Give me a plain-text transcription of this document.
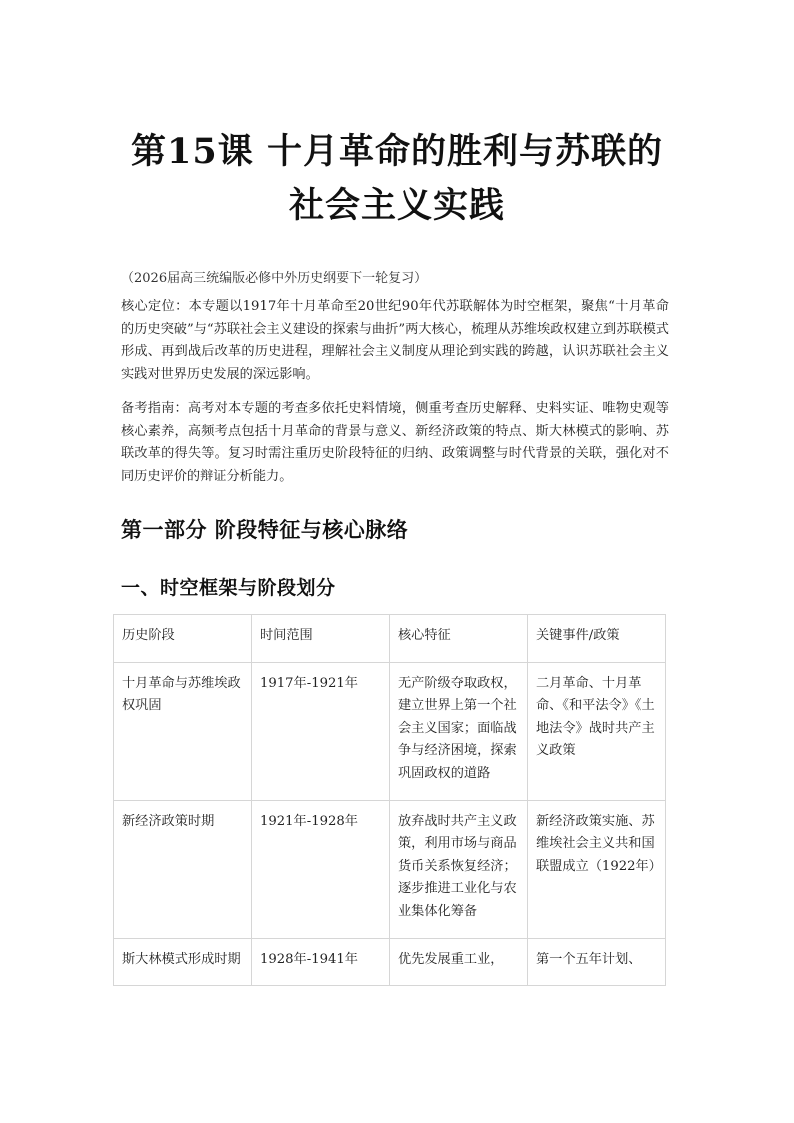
第15课 十月革命的胜利与苏联的
社会主义实践
（2026届高三统编版必修中外历史纲要下一轮复习）
核心定位：本专题以1917年十月革命至20世纪90年代苏联解体为时空框架，聚焦“十月革命的历史突破”与“苏联社会主义建设的探索与曲折”两大核心，梳理从苏维埃政权建立到苏联模式形成、再到战后改革的历史进程，理解社会主义制度从理论到实践的跨越，认识苏联社会主义实践对世界历史发展的深远影响。
备考指南：高考对本专题的考查多依托史料情境，侧重考查历史解释、史料实证、唯物史观等核心素养，高频考点包括十月革命的背景与意义、新经济政策的特点、斯大林模式的影响、苏联改革的得失等。复习时需注重历史阶段特征的归纳、政策调整与时代背景的关联，强化对不同历史评价的辩证分析能力。
第一部分 阶段特征与核心脉络
一、时空框架与阶段划分
历史阶段	时间范围	核心特征	关键事件/政策
十月革命与苏维埃政权巩固	1917年-1921年	无产阶级夺取政权，建立世界上第一个社会主义国家；面临战争与经济困境，探索巩固政权的道路	二月革命、十月革命、《和平法令》《土地法令》战时共产主义政策
新经济政策时期	1921年-1928年	放弃战时共产主义政策，利用市场与商品货币关系恢复经济；逐步推进工业化与农业集体化筹备	新经济政策实施、苏维埃社会主义共和国联盟成立（1922年）

斯大林模式形成时期	1928年-1941年	优先发展重工业，	第一个五年计划、
